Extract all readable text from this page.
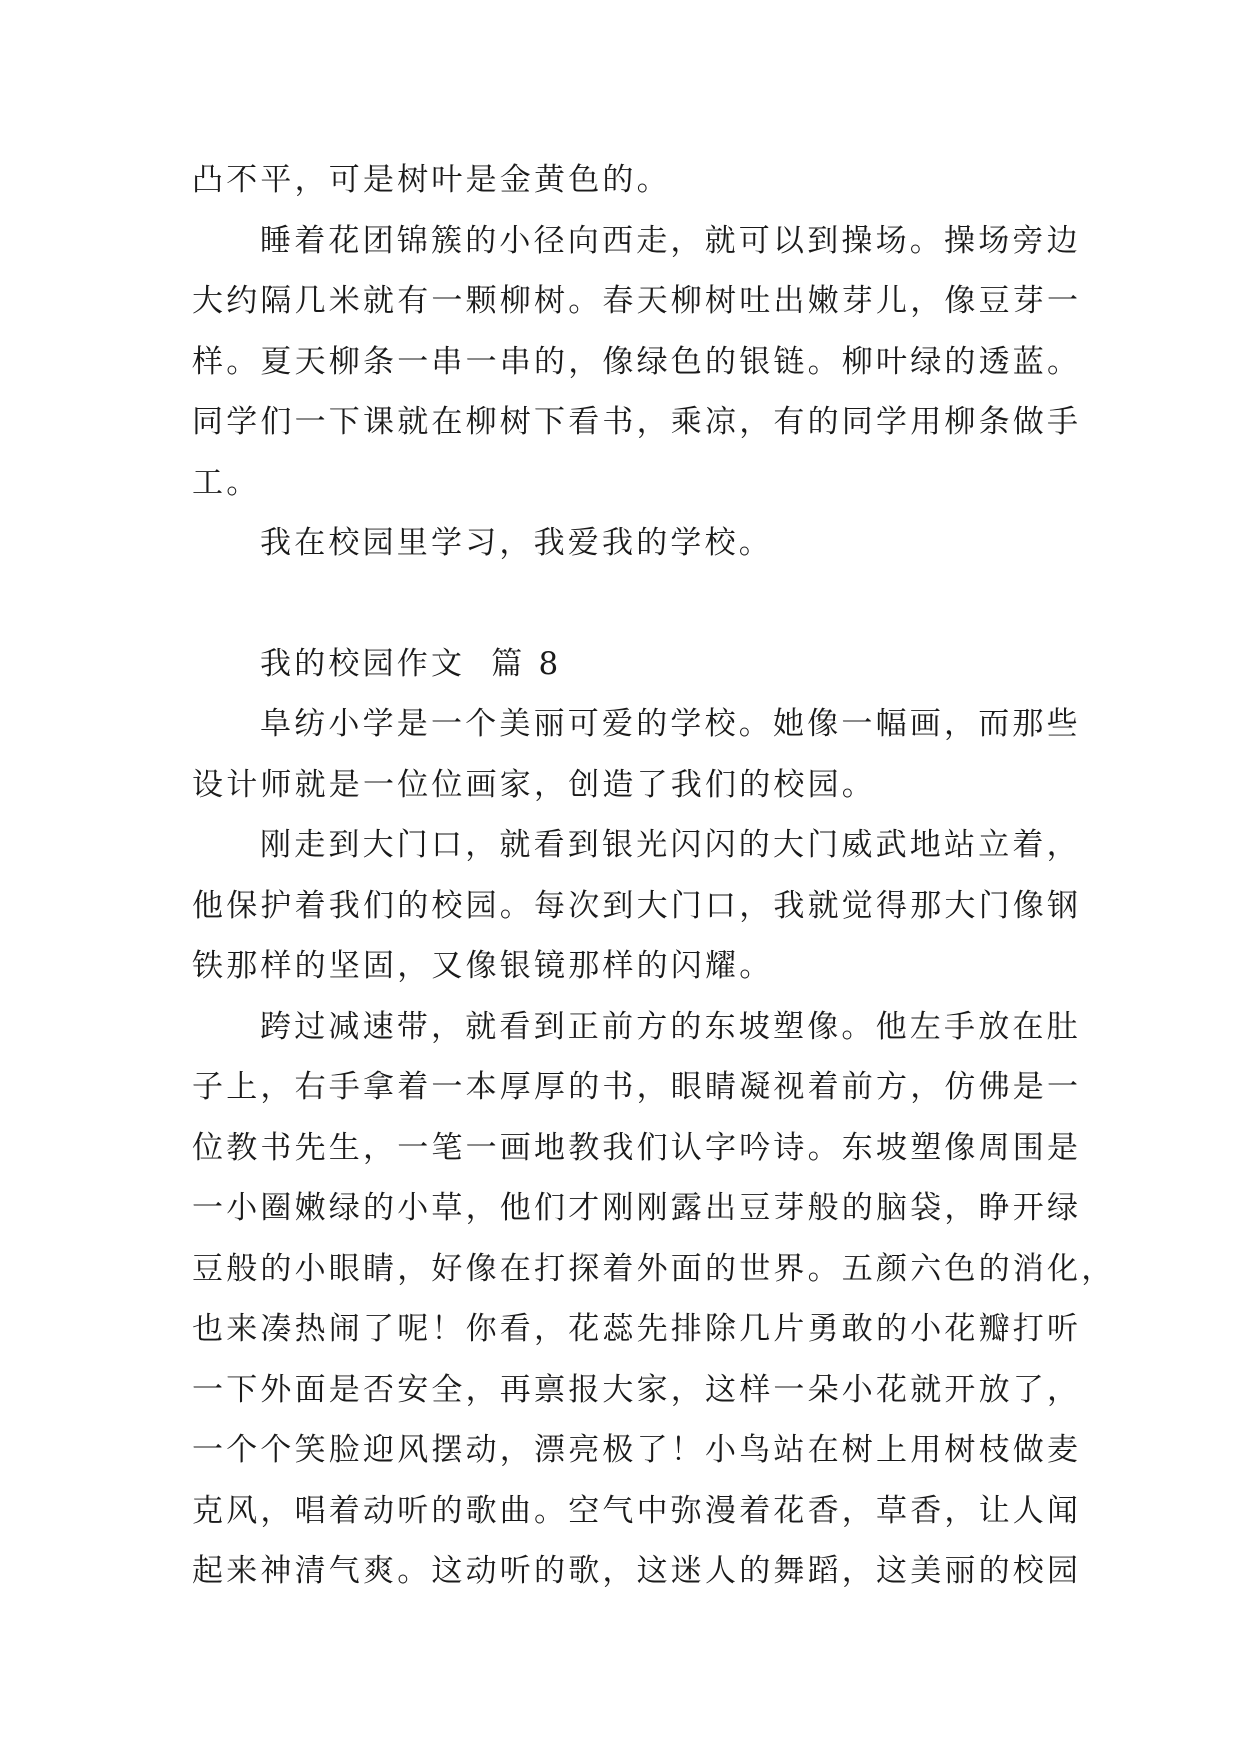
凸不平，可是树叶是金黄色的。

睡着花团锦簇的小径向西走，就可以到操场。操场旁边
大约隔几米就有一颗柳树。春天柳树吐出嫩芽儿，像豆芽一
样。夏天柳条一串一串的，像绿色的银链。柳叶绿的透蓝。
同学们一下课就在柳树下看书，乘凉，有的同学用柳条做手
工。

我在校园里学习，我爱我的学校。

我的校园作文  篇 8

阜纺小学是一个美丽可爱的学校。她像一幅画，而那些
设计师就是一位位画家，创造了我们的校园。

刚走到大门口，就看到银光闪闪的大门威武地站立着，
他保护着我们的校园。每次到大门口，我就觉得那大门像钢
铁那样的坚固，又像银镜那样的闪耀。

跨过减速带，就看到正前方的东坡塑像。他左手放在肚
子上，右手拿着一本厚厚的书，眼睛凝视着前方，仿佛是一
位教书先生，一笔一画地教我们认字吟诗。东坡塑像周围是
一小圈嫩绿的小草，他们才刚刚露出豆芽般的脑袋，睁开绿
豆般的小眼睛，好像在打探着外面的世界。五颜六色的消化，
也来凑热闹了呢！你看，花蕊先排除几片勇敢的小花瓣打听
一下外面是否安全，再禀报大家，这样一朵小花就开放了，
一个个笑脸迎风摆动，漂亮极了！小鸟站在树上用树枝做麦
克风，唱着动听的歌曲。空气中弥漫着花香，草香，让人闻
起来神清气爽。这动听的歌，这迷人的舞蹈，这美丽的校园
